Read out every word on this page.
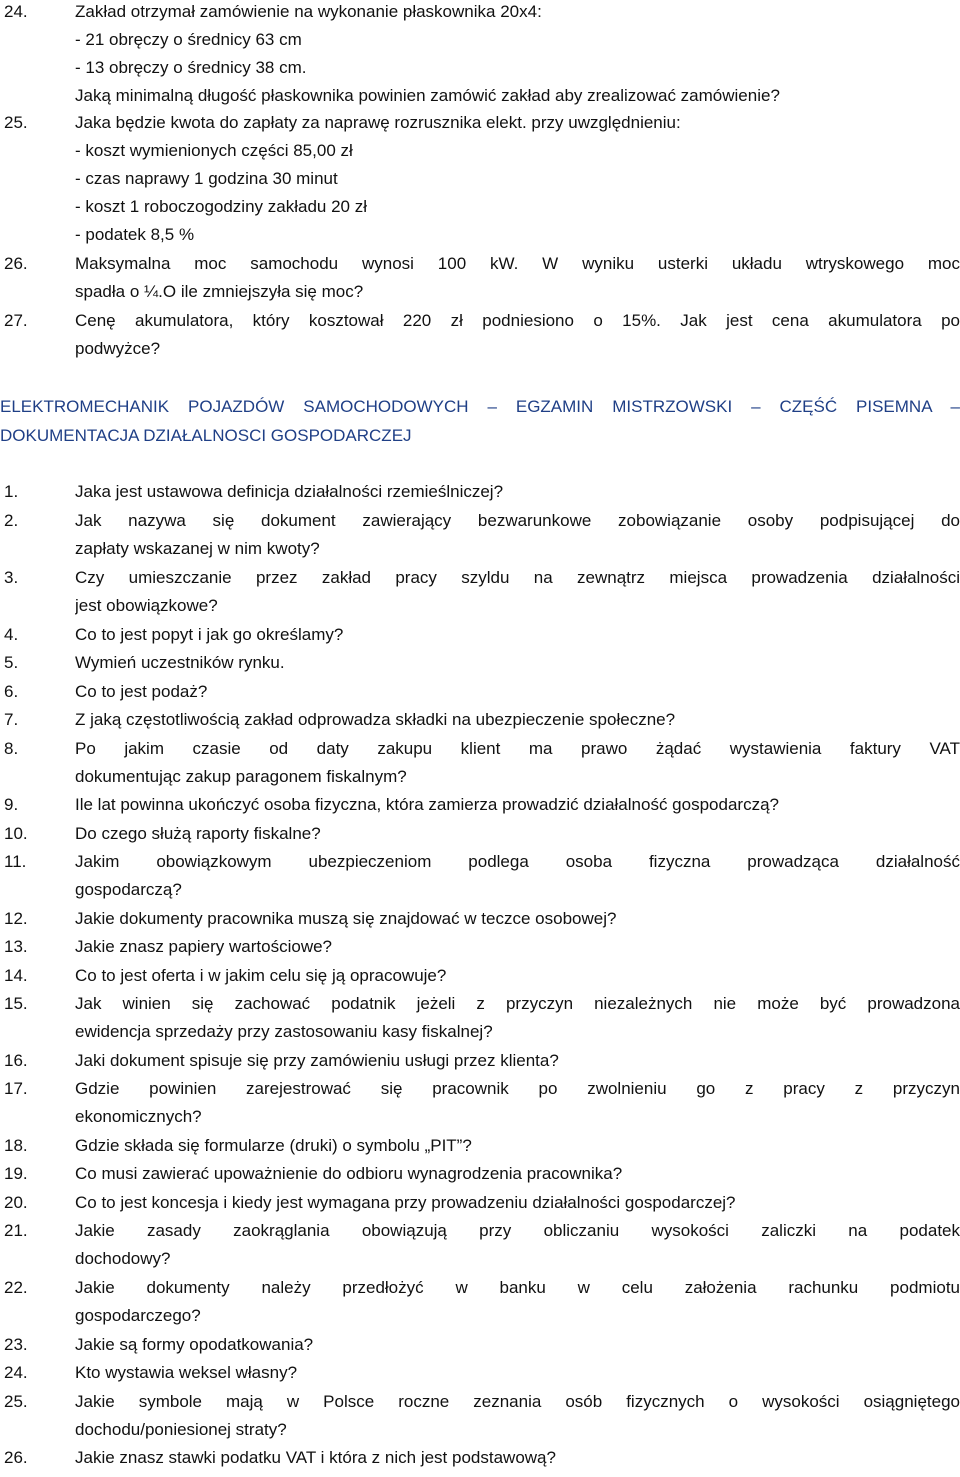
24.	Zakład otrzymał zamówienie na wykonanie płaskownika 20x4:
- 21 obręczy o średnicy 63 cm
- 13 obręczy o średnicy 38 cm.
Jaką minimalną długość płaskownika powinien zamówić zakład aby zrealizować zamówienie?
25.	Jaka będzie kwota do zapłaty za naprawę rozrusznika elekt. przy uwzględnieniu:
- koszt wymienionych części 85,00 zł
- czas naprawy 1 godzina 30 minut
- koszt 1 roboczogodziny zakładu 20 zł
- podatek 8,5 %
26.	Maksymalna moc samochodu wynosi 100 kW. W wyniku usterki układu wtryskowego moc
spadła o ¼.O ile zmniejszyła się moc?
27.	Cenę akumulatora, który kosztował 220 zł podniesiono o 15%. Jak jest cena akumulatora po
podwyżce?
ELEKTROMECHANIK POJAZDÓW SAMOCHODOWYCH – EGZAMIN MISTRZOWSKI – CZĘŚĆ PISEMNA –
DOKUMENTACJA DZIAŁALNOSCI GOSPODARCZEJ
1.	Jaka jest ustawowa definicja działalności rzemieślniczej?
2.	Jak nazywa się dokument zawierający bezwarunkowe zobowiązanie osoby podpisującej do
zapłaty wskazanej w nim kwoty?
3.	Czy umieszczanie przez zakład pracy szyldu na zewnątrz miejsca prowadzenia działalności
jest obowiązkowe?
4.	Co to jest popyt i jak go określamy?
5.	Wymień uczestników rynku.
6.	Co to jest podaż?
7.	Z jaką częstotliwością zakład odprowadza składki na ubezpieczenie społeczne?
8.	Po jakim czasie od daty zakupu klient ma prawo żądać wystawienia faktury VAT
dokumentując zakup paragonem fiskalnym?
9.	Ile lat powinna ukończyć osoba fizyczna, która zamierza prowadzić działalność gospodarczą?
10.	Do czego służą raporty fiskalne?
11.	Jakim obowiązkowym ubezpieczeniom podlega osoba fizyczna prowadząca działalność
gospodarczą?
12.	Jakie dokumenty pracownika muszą się znajdować w teczce osobowej?
13.	Jakie znasz papiery wartościowe?
14.	Co to jest oferta i w jakim celu się ją opracowuje?
15.	Jak winien się zachować podatnik jeżeli z przyczyn niezależnych nie może być prowadzona
ewidencja sprzedaży przy zastosowaniu kasy fiskalnej?
16.	Jaki dokument spisuje się przy zamówieniu usługi przez klienta?
17.	Gdzie powinien zarejestrować się pracownik po zwolnieniu go z pracy z przyczyn
ekonomicznych?
18.	Gdzie składa się formularze (druki) o symbolu „PIT”?
19.	Co musi zawierać upoważnienie do odbioru wynagrodzenia pracownika?
20.	Co to jest koncesja i kiedy jest wymagana przy prowadzeniu działalności gospodarczej?
21.	Jakie zasady zaokrąglania obowiązują przy obliczaniu wysokości zaliczki na podatek
dochodowy?
22.	Jakie dokumenty należy przedłożyć w banku w celu założenia rachunku podmiotu
gospodarczego?
23.	Jakie są formy opodatkowania?
24.	Kto wystawia weksel własny?
25.	Jakie symbole mają w Polsce roczne zeznania osób fizycznych o wysokości osiągniętego
dochodu/poniesionej straty?
26.	Jakie znasz stawki podatku VAT i która z nich jest podstawową?
